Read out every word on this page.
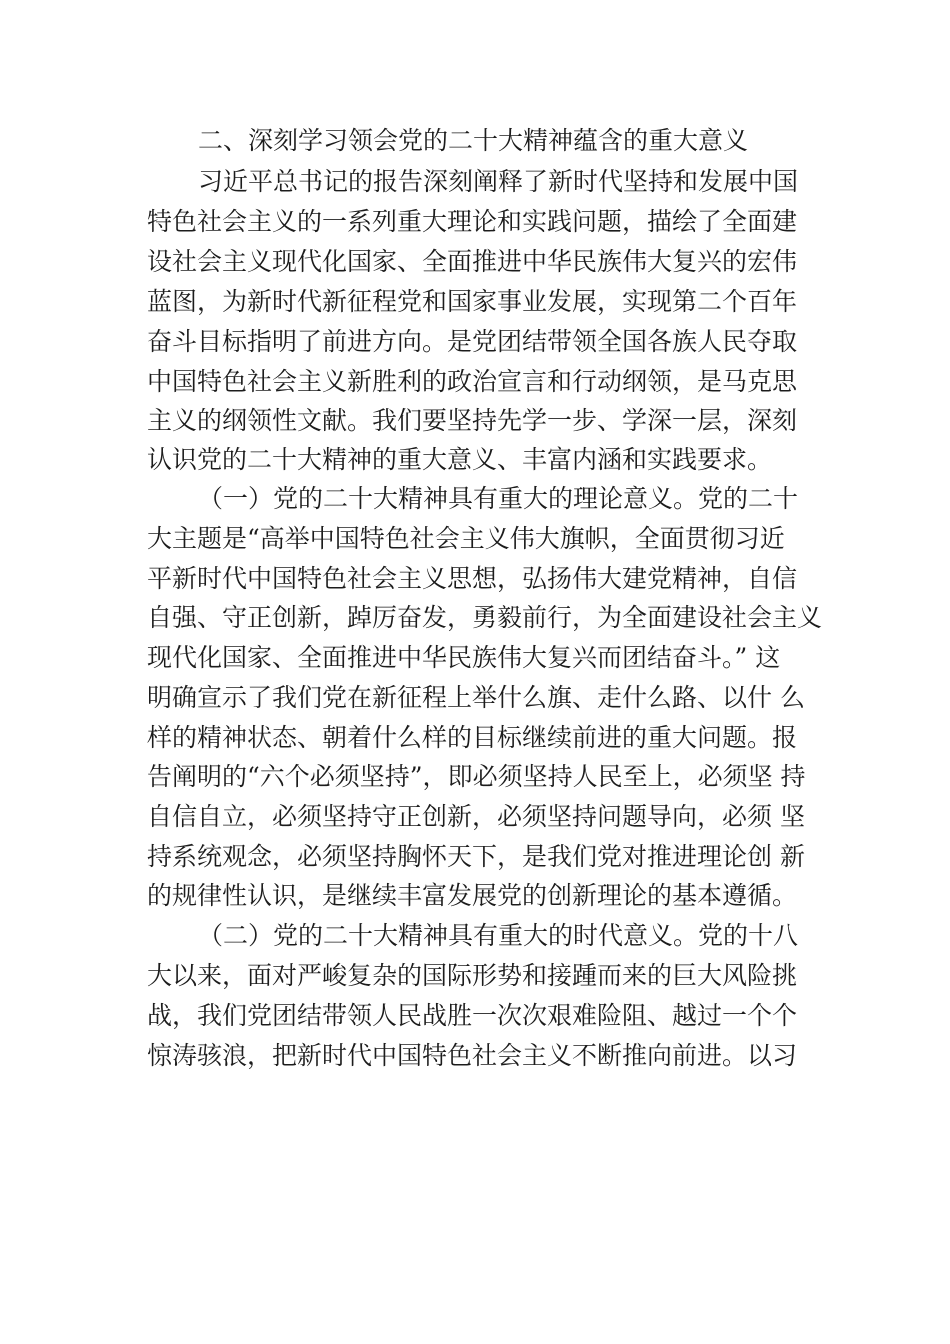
二、深刻学习领会党的二十大精神蕴含的重大意义
习近平总书记的报告深刻阐释了新时代坚持和发展中国
特色社会主义的一系列重大理论和实践问题，描绘了全面建
设社会主义现代化国家、全面推进中华民族伟大复兴的宏伟
蓝图，为新时代新征程党和国家事业发展，实现第二个百年
奋斗目标指明了前进方向。是党团结带领全国各族人民夺取
中国特色社会主义新胜利的政治宣言和行动纲领，是马克思
主义的纲领性文献。我们要坚持先学一步、学深一层，深刻
认识党的二十大精神的重大意义、丰富内涵和实践要求。
（一）党的二十大精神具有重大的理论意义。党的二十
大主题是“高举中国特色社会主义伟大旗帜，全面贯彻习近
平新时代中国特色社会主义思想，弘扬伟大建党精神，自信
自强、守正创新，踔厉奋发，勇毅前行，为全面建设社会主义
现代化国家、全面推进中华民族伟大复兴而团结奋斗。” 这
明确宣示了我们党在新征程上举什么旗、走什么路、以什 么
样的精神状态、朝着什么样的目标继续前进的重大问题。报
告阐明的“六个必须坚持”，即必须坚持人民至上，必须坚 持
自信自立，必须坚持守正创新，必须坚持问题导向，必须 坚
持系统观念，必须坚持胸怀天下，是我们党对推进理论创 新
的规律性认识，是继续丰富发展党的创新理论的基本遵循。
（二）党的二十大精神具有重大的时代意义。党的十八
大以来，面对严峻复杂的国际形势和接踵而来的巨大风险挑
战，我们党团结带领人民战胜一次次艰难险阻、越过一个个
惊涛骇浪，把新时代中国特色社会主义不断推向前进。以习
